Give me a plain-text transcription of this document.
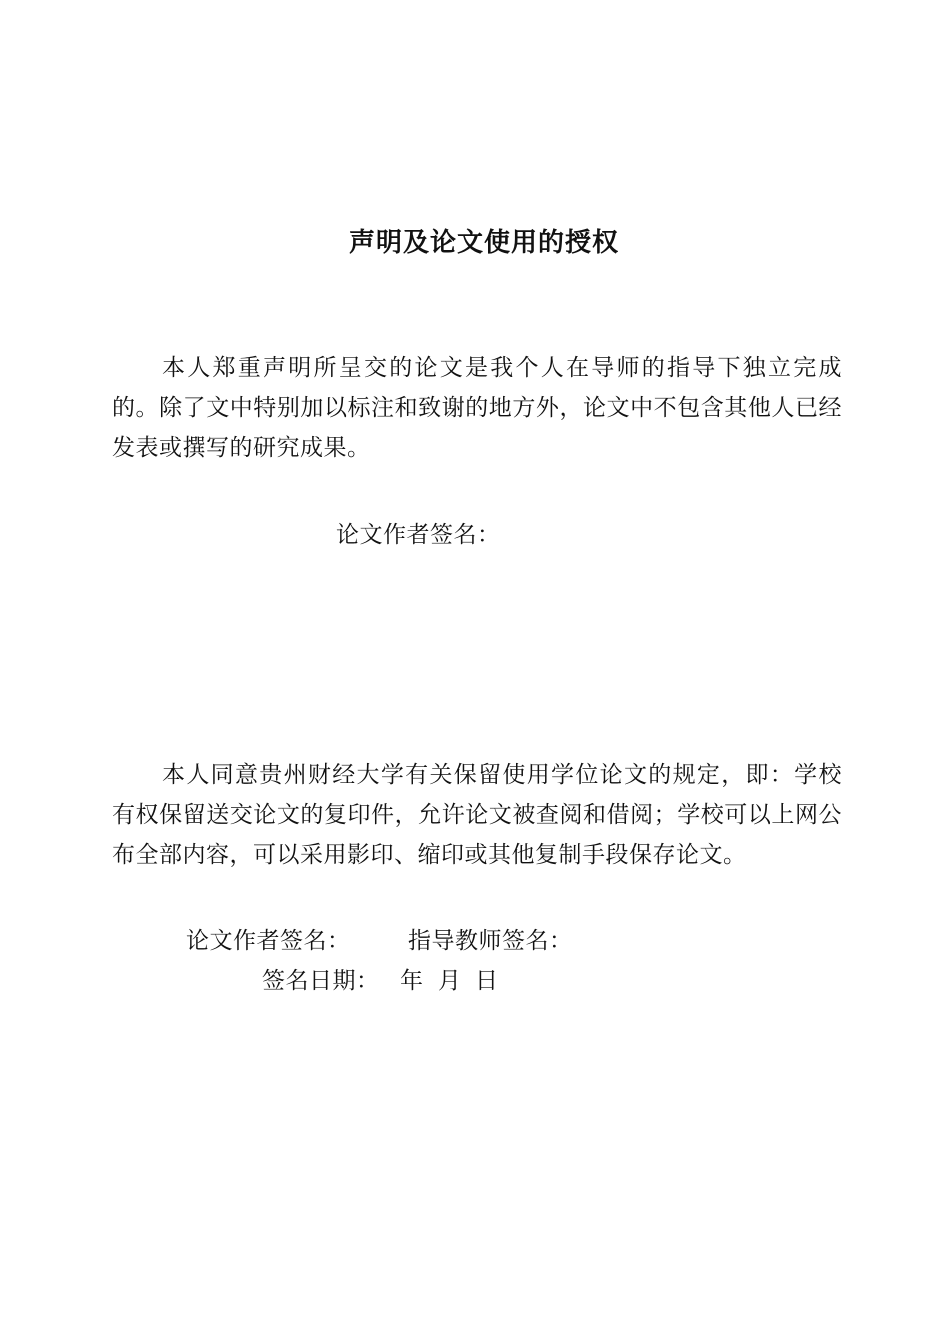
声明及论文使用的授权
本人郑重声明所呈交的论文是我个人在导师的指导下独立完成的。除了文中特别加以标注和致谢的地方外，论文中不包含其他人已经发表或撰写的研究成果。
论文作者签名：
本人同意贵州财经大学有关保留使用学位论文的规定，即：学校有权保留送交论文的复印件，允许论文被查阅和借阅；学校可以上网公布全部内容，可以采用影印、缩印或其他复制手段保存论文。
论文作者签名：	指导教师签名：
签名日期： 年 月 日
